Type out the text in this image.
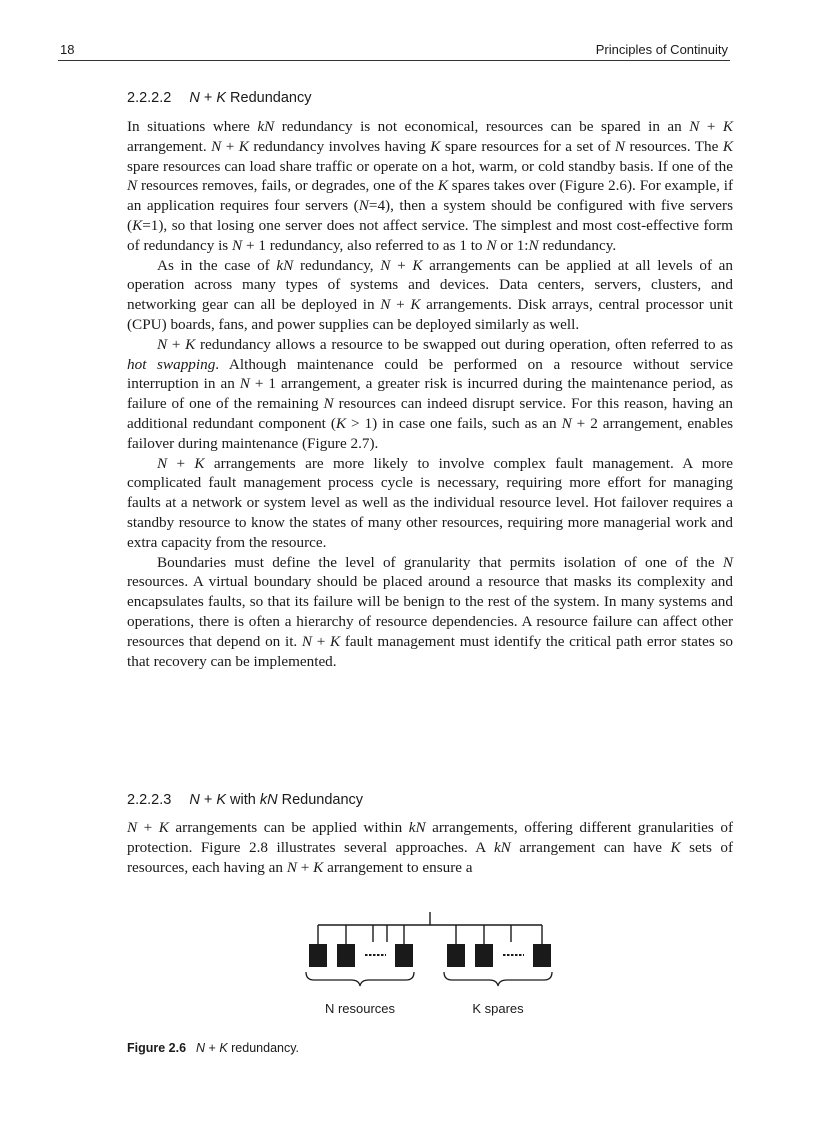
18	Principles of Continuity
2.2.2.2 N + K Redundancy

In situations where kN redundancy is not economical, resources can be spared in an N + K arrangement. N + K redundancy involves having K spare resources for a set of N resources. The K spare resources can load share traffic or operate on a hot, warm, or cold standby basis. If one of the N resources removes, fails, or degrades, one of the K spares takes over (Figure 2.6). For example, if an application requires four servers (N=4), then a system should be configured with five servers (K=1), so that losing one server does not affect service. The simplest and most cost-effective form of redundancy is N + 1 redundancy, also referred to as 1 to N or 1:N redundancy.

As in the case of kN redundancy, N + K arrangements can be applied at all levels of an operation across many types of systems and devices. Data centers, servers, clusters, and networking gear can all be deployed in N + K arrangements. Disk arrays, central processor unit (CPU) boards, fans, and power supplies can be deployed similarly as well.

N + K redundancy allows a resource to be swapped out during operation, often referred to as hot swapping. Although maintenance could be performed on a resource without service interruption in an N + 1 arrangement, a greater risk is incurred during the maintenance period, as failure of one of the remaining N resources can indeed disrupt service. For this reason, having an additional redundant component (K > 1) in case one fails, such as an N + 2 arrangement, enables failover during maintenance (Figure 2.7).

N + K arrangements are more likely to involve complex fault management. A more complicated fault management process cycle is necessary, requiring more effort for managing faults at a network or system level as well as the individual resource level. Hot failover requires a standby resource to know the states of many other resources, requiring more managerial work and extra capacity from the resource.

Boundaries must define the level of granularity that permits isolation of one of the N resources. A virtual boundary should be placed around a resource that masks its complexity and encapsulates faults, so that its failure will be benign to the rest of the system. In many systems and operations, there is often a hierarchy of resource dependencies. A resource failure can affect other resources that depend on it. N + K fault management must identify the critical path error states so that recovery can be implemented.

2.2.2.3 N + K with kN Redundancy

N + K arrangements can be applied within kN arrangements, offering different granularities of protection. Figure 2.8 illustrates several approaches. A kN arrangement can have K sets of resources, each having an N + K arrangement to ensure a

N resources	K spares
Figure 2.6 N + K redundancy.
